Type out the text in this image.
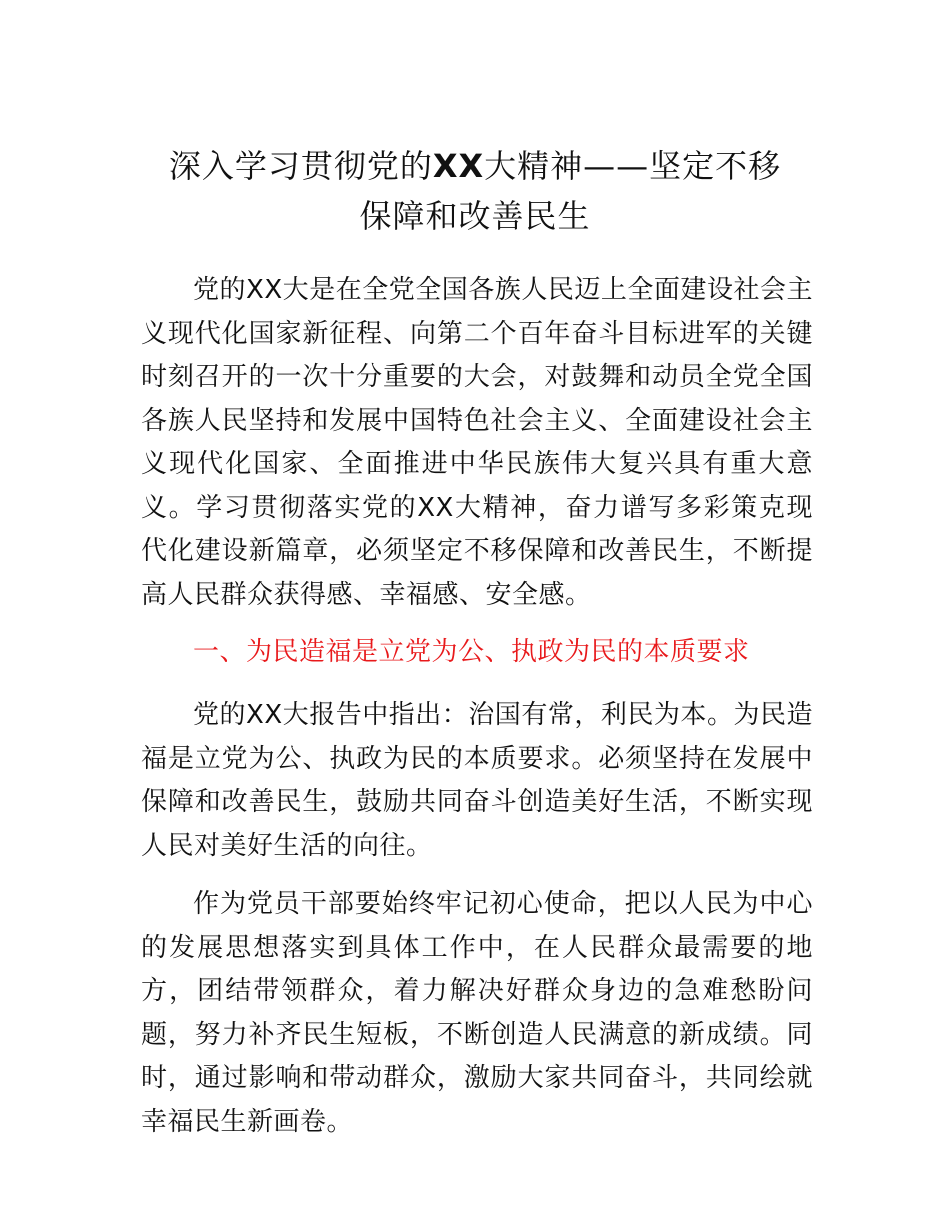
深入学习贯彻党的XX大精神——坚定不移
保障和改善民生

党的XX大是在全党全国各族人民迈上全面建设社会主义现代化国家新征程、向第二个百年奋斗目标进军的关键时刻召开的一次十分重要的大会，对鼓舞和动员全党全国各族人民坚持和发展中国特色社会主义、全面建设社会主义现代化国家、全面推进中华民族伟大复兴具有重大意义。学习贯彻落实党的XX大精神，奋力谱写多彩策克现代化建设新篇章，必须坚定不移保障和改善民生，不断提高人民群众获得感、幸福感、安全感。

一、为民造福是立党为公、执政为民的本质要求

党的XX大报告中指出：治国有常，利民为本。为民造福是立党为公、执政为民的本质要求。必须坚持在发展中保障和改善民生，鼓励共同奋斗创造美好生活，不断实现人民对美好生活的向往。

作为党员干部要始终牢记初心使命，把以人民为中心的发展思想落实到具体工作中，在人民群众最需要的地方，团结带领群众，着力解决好群众身边的急难愁盼问题，努力补齐民生短板，不断创造人民满意的新成绩。同时，通过影响和带动群众，激励大家共同奋斗，共同绘就幸福民生新画卷。
